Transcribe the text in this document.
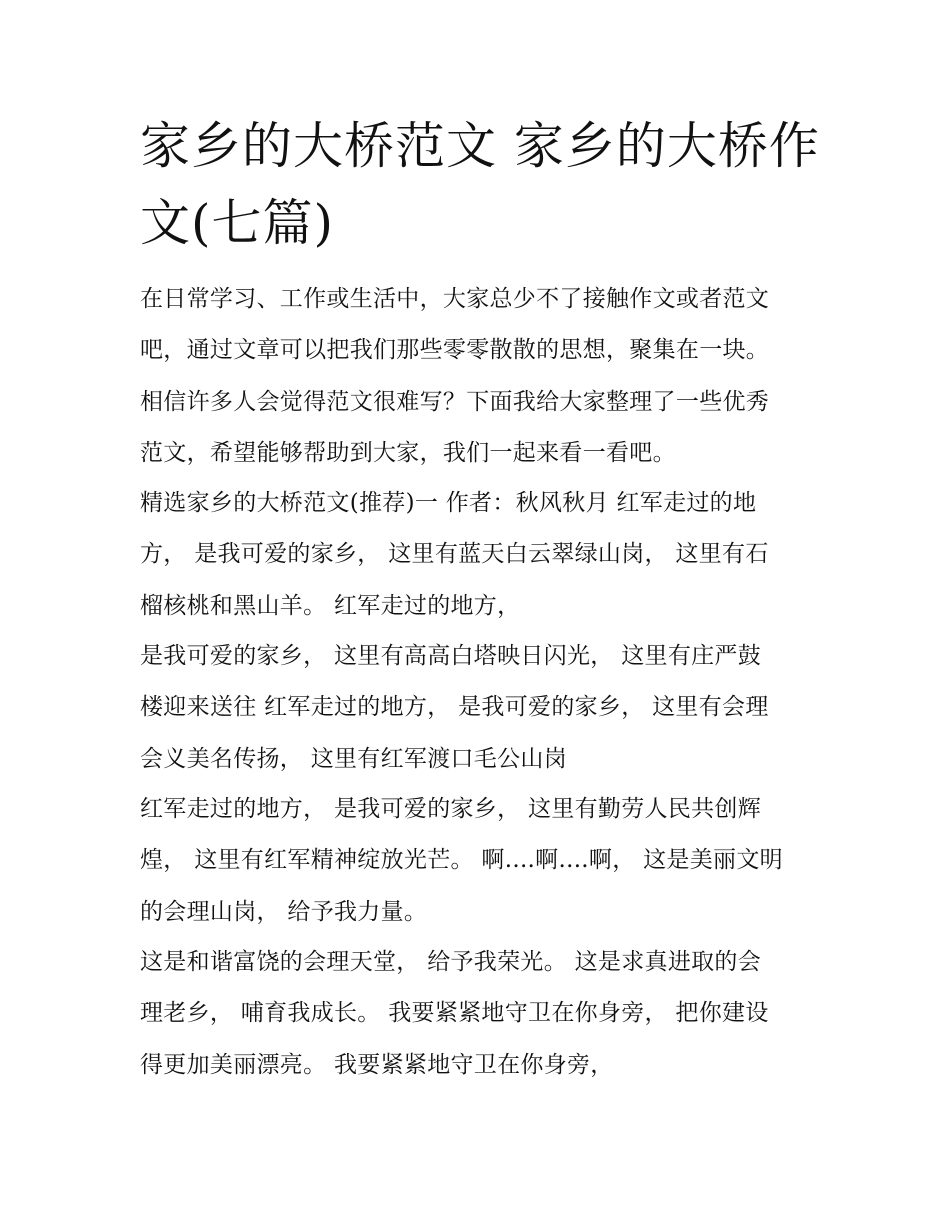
家乡的大桥范文 家乡的大桥作
文(七篇)

在日常学习、工作或生活中，大家总少不了接触作文或者范文
吧，通过文章可以把我们那些零零散散的思想，聚集在一块。
相信许多人会觉得范文很难写？下面我给大家整理了一些优秀
范文，希望能够帮助到大家，我们一起来看一看吧。

精选家乡的大桥范文(推荐)一 作者：秋风秋月 红军走过的地
方， 是我可爱的家乡， 这里有蓝天白云翠绿山岗， 这里有石
榴核桃和黑山羊。 红军走过的地方，

是我可爱的家乡， 这里有高高白塔映日闪光， 这里有庄严鼓
楼迎来送往 红军走过的地方， 是我可爱的家乡， 这里有会理
会义美名传扬， 这里有红军渡口毛公山岗

红军走过的地方， 是我可爱的家乡， 这里有勤劳人民共创辉
煌， 这里有红军精神绽放光芒。 啊....啊....啊， 这是美丽文明
的会理山岗， 给予我力量。

这是和谐富饶的会理天堂， 给予我荣光。 这是求真进取的会
理老乡， 哺育我成长。 我要紧紧地守卫在你身旁， 把你建设
得更加美丽漂亮。 我要紧紧地守卫在你身旁，
